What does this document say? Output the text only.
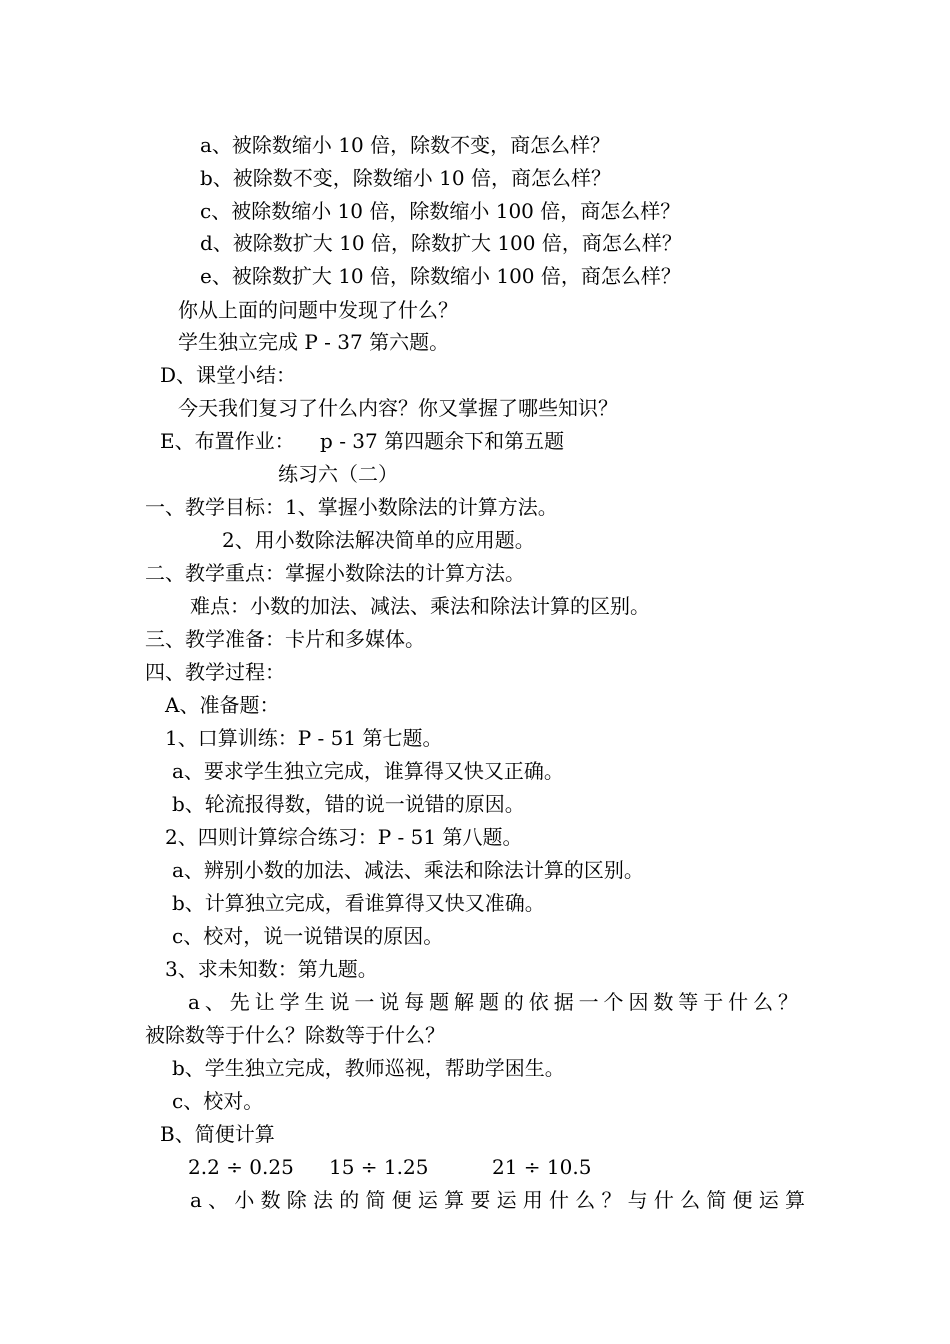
a、被除数缩小 10 倍，除数不变，商怎么样？
b、被除数不变，除数缩小 10 倍，商怎么样？
c、被除数缩小 10 倍，除数缩小 100 倍，商怎么样？
d、被除数扩大 10 倍，除数扩大 100 倍，商怎么样？
e、被除数扩大 10 倍，除数缩小 100 倍，商怎么样？
你从上面的问题中发现了什么？
学生独立完成 P - 37 第六题。
D、课堂小结：
今天我们复习了什么内容？你又掌握了哪些知识？
E、布置作业：    p - 37 第四题余下和第五题
练习六（二）
一、教学目标：1、掌握小数除法的计算方法。
2、用小数除法解决简单的应用题。
二、教学重点：掌握小数除法的计算方法。
难点：小数的加法、减法、乘法和除法计算的区别。
三、教学准备：卡片和多媒体。
四、教学过程：
A、准备题：
1、口算训练：P - 51 第七题。
a、要求学生独立完成，谁算得又快又正确。
b、轮流报得数，错的说一说错的原因。
2、四则计算综合练习：P - 51 第八题。
a、辨别小数的加法、减法、乘法和除法计算的区别。
b、计算独立完成，看谁算得又快又准确。
c、校对，说一说错误的原因。
3、求未知数：第九题。
a、先让学生说一说每题解题的依据一个因数等于什么？
被除数等于什么？除数等于什么？
b、学生独立完成，教师巡视，帮助学困生。
c、校对。
B、简便计算
2.2 ÷ 0.25 15 ÷ 1.25	21 ÷ 10.5
a、小数除法的简便运算要运用什么？与什么简便运算
